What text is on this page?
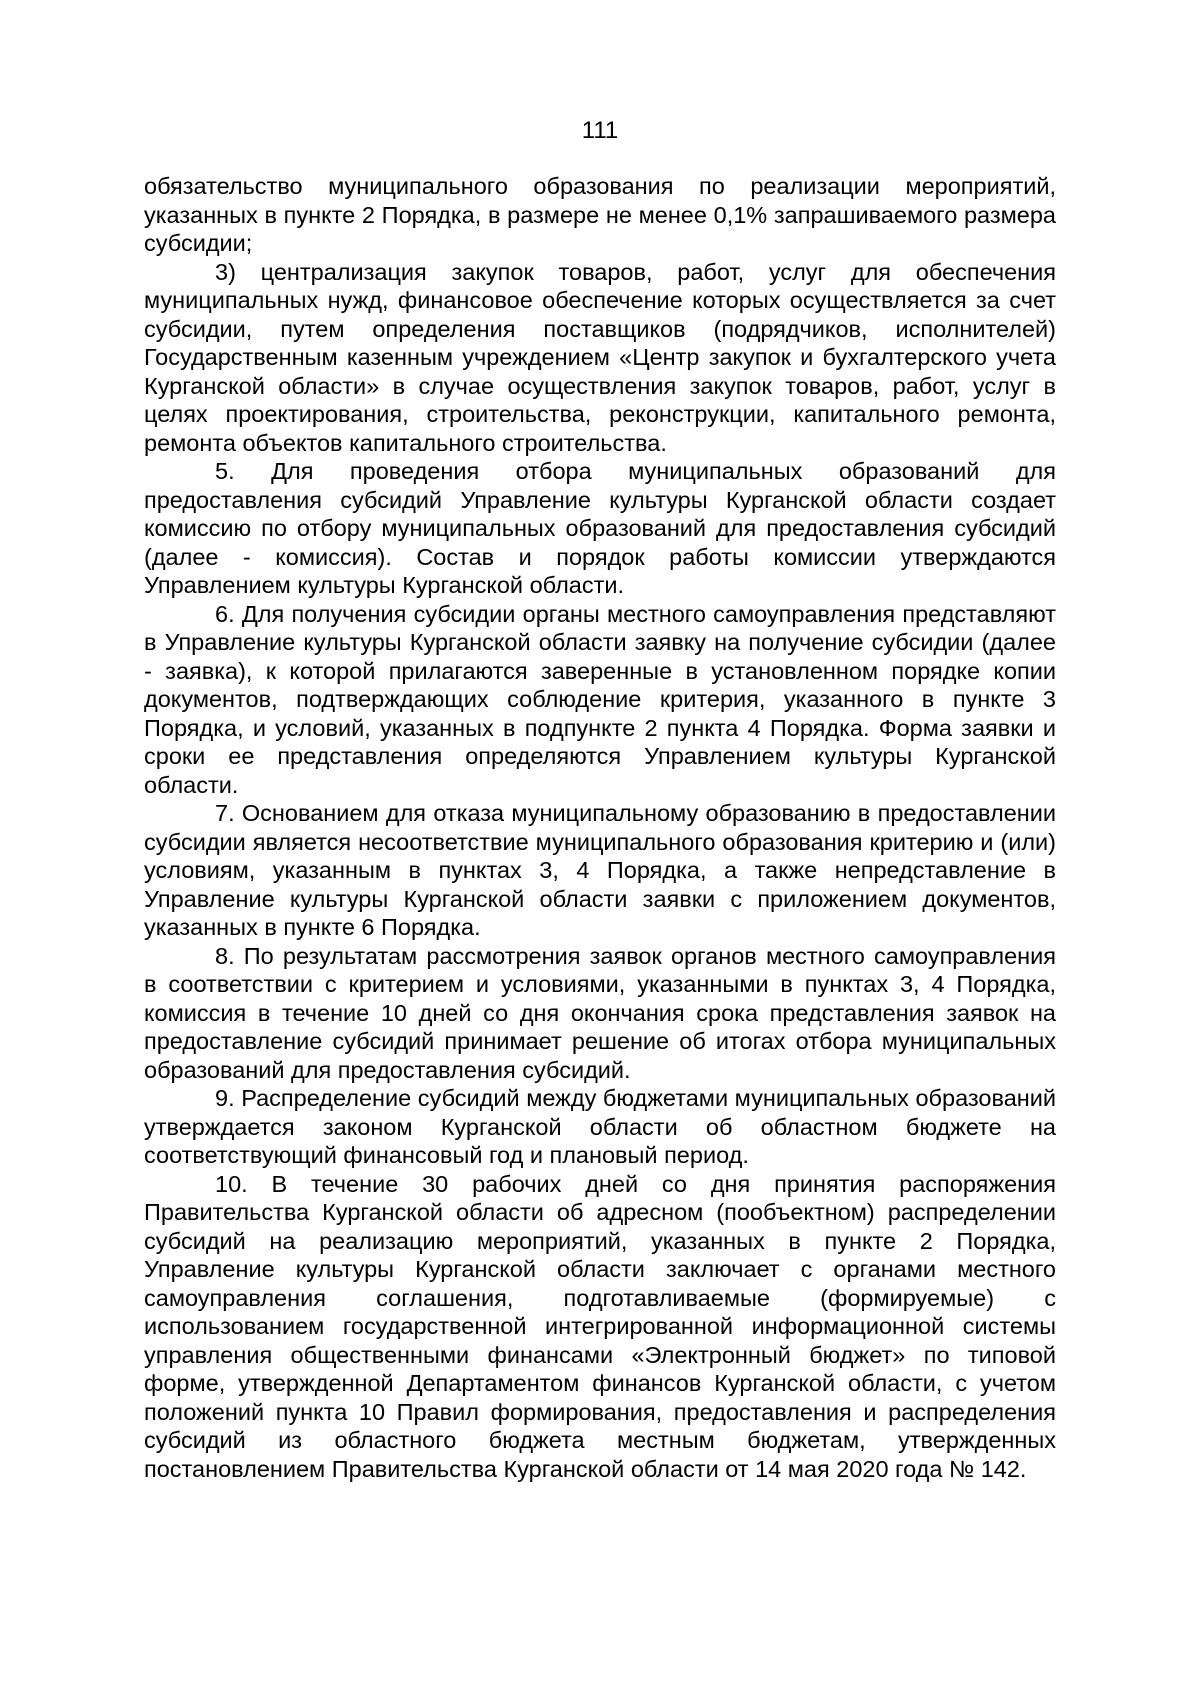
111

обязательство муниципального образования по реализации мероприятий, указанных в пункте 2 Порядка, в размере не менее 0,1% запрашиваемого размера субсидии;

3) централизация закупок товаров, работ, услуг для обеспечения муниципальных нужд, финансовое обеспечение которых осуществляется за счет субсидии, путем определения поставщиков (подрядчиков, исполнителей) Государственным казенным учреждением «Центр закупок и бухгалтерского учета Курганской области» в случае осуществления закупок товаров, работ, услуг в целях проектирования, строительства, реконструкции, капитального ремонта, ремонта объектов капитального строительства.

5. Для проведения отбора муниципальных образований для предоставления субсидий Управление культуры Курганской области создает комиссию по отбору муниципальных образований для предоставления субсидий (далее - комиссия). Состав и порядок работы комиссии утверждаются Управлением культуры Курганской области.

6. Для получения субсидии органы местного самоуправления представляют в Управление культуры Курганской области заявку на получение субсидии (далее - заявка), к которой прилагаются заверенные в установленном порядке копии документов, подтверждающих соблюдение критерия, указанного в пункте 3 Порядка, и условий, указанных в подпункте 2 пункта 4 Порядка. Форма заявки и сроки ее представления определяются Управлением культуры Курганской области.

7. Основанием для отказа муниципальному образованию в предоставлении субсидии является несоответствие муниципального образования критерию и (или) условиям, указанным в пунктах 3, 4 Порядка, а также непредставление в Управление культуры Курганской области заявки с приложением документов, указанных в пункте 6 Порядка.

8. По результатам рассмотрения заявок органов местного самоуправления в соответствии с критерием и условиями, указанными в пунктах 3, 4 Порядка, комиссия в течение 10 дней со дня окончания срока представления заявок на предоставление субсидий принимает решение об итогах отбора муниципальных образований для предоставления субсидий.

9. Распределение субсидий между бюджетами муниципальных образований утверждается законом Курганской области об областном бюджете на соответствующий финансовый год и плановый период.

10. В течение 30 рабочих дней со дня принятия распоряжения Правительства Курганской области об адресном (пообъектном) распределении субсидий на реализацию мероприятий, указанных в пункте 2 Порядка, Управление культуры Курганской области заключает с органами местного самоуправления соглашения, подготавливаемые (формируемые) с использованием государственной интегрированной информационной системы управления общественными финансами «Электронный бюджет» по типовой форме, утвержденной Департаментом финансов Курганской области, с учетом положений пункта 10 Правил формирования, предоставления и распределения субсидий из областного бюджета местным бюджетам, утвержденных постановлением Правительства Курганской области от 14 мая 2020 года № 142.
